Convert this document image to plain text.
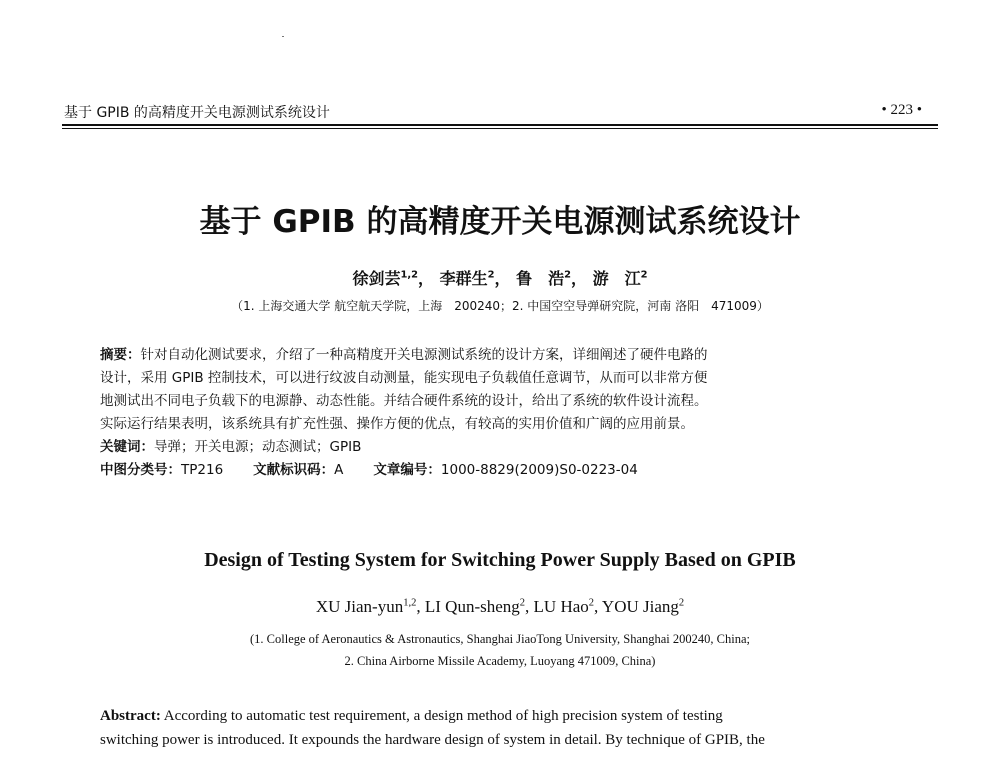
基于 GPIB 的高精度开关电源测试系统设计	• 223 •
基于 GPIB 的高精度开关电源测试系统设计
徐剑芸$^{1,2}$， 李群生$^2$， 鲁　浩$^2$， 游　江$^2$
（1. 上海交通大学 航空航天学院，上海　200240；2. 中国空空导弹研究院，河南 洛阳　471009）
摘要：针对自动化测试要求，介绍了一种高精度开关电源测试系统的设计方案，详细阐述了硬件电路的
设计，采用 GPIB 控制技术，可以进行纹波自动测量，能实现电子负载值任意调节，从而可以非常方便
地测试出不同电子负载下的电源静、动态性能。并结合硬件系统的设计，给出了系统的软件设计流程。
实际运行结果表明，该系统具有扩充性强、操作方便的优点，有较高的实用价值和广阔的应用前景。
关键词：导弹；开关电源；动态测试；GPIB
中图分类号：TP216 文献标识码：A 文章编号：1000-8829(2009)S0-0223-04
Design of Testing System for Switching Power Supply Based on GPIB
XU Jian-yun$^{1,2}$, LI Qun-sheng$^2$, LU Hao$^2$, YOU Jiang$^2$
(1. College of Aeronautics & Astronautics, Shanghai JiaoTong University, Shanghai 200240, China;
2. China Airborne Missile Academy, Luoyang 471009, China)
Abstract: According to automatic test requirement, a design method of high precision system of testing
switching power is introduced. It expounds the hardware design of system in detail. By technique of GPIB, the
